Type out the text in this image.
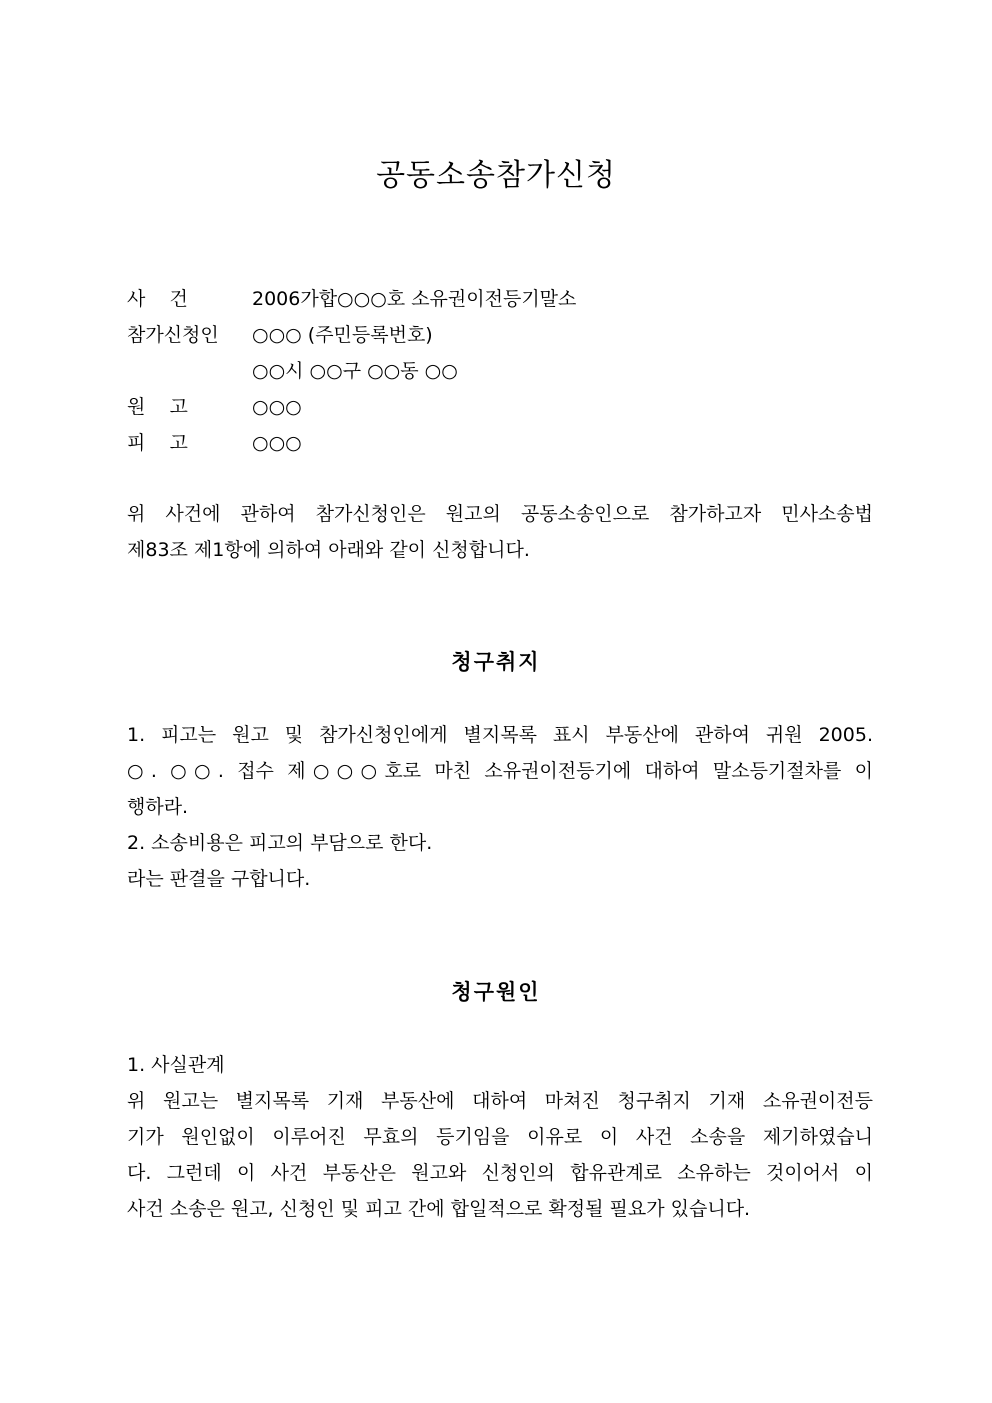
공동소송참가신청
사    건	2006가합○○○호 소유권이전등기말소
참가신청인	○○○ (주민등록번호)
○○시 ○○구 ○○동 ○○
원    고	○○○
피    고	○○○
위 사건에 관하여 참가신청인은 원고의 공동소송인으로 참가하고자 민사소송법
제83조 제1항에 의하여 아래와 같이 신청합니다.
청구취지
1. 피고는 원고 및 참가신청인에게 별지목록 표시 부동산에 관하여 귀원 2005.
○. ○○. 접수 제○○○호로 마친 소유권이전등기에 대하여 말소등기절차를 이
행하라.
2. 소송비용은 피고의 부담으로 한다.
라는 판결을 구합니다.
청구원인
1. 사실관계
위 원고는 별지목록 기재 부동산에 대하여 마쳐진 청구취지 기재 소유권이전등
기가 원인없이 이루어진 무효의 등기임을 이유로 이 사건 소송을 제기하였습니
다. 그런데 이 사건 부동산은 원고와 신청인의 합유관계로 소유하는 것이어서 이
사건 소송은 원고, 신청인 및 피고 간에 합일적으로 확정될 필요가 있습니다.
